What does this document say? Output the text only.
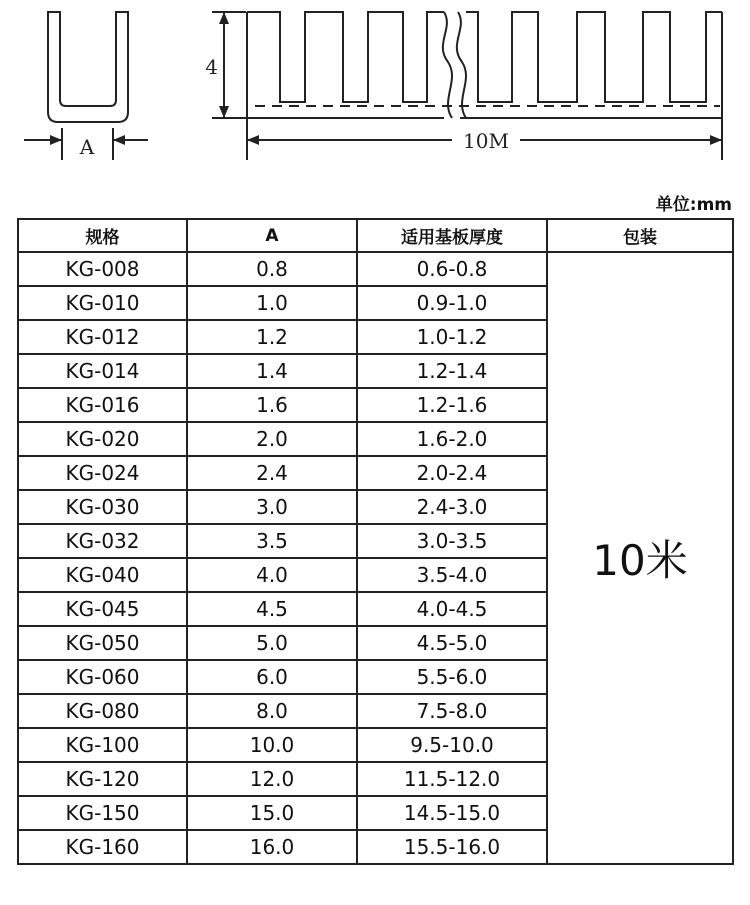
A
4
10M
单位:mm
规格	A	适用基板厚度	包装
KG-008	0.8	0.6-0.8	10米
KG-010	1.0	0.9-1.0	
KG-012	1.2	1.0-1.2	
KG-014	1.4	1.2-1.4	
KG-016	1.6	1.2-1.6	
KG-020	2.0	1.6-2.0	
KG-024	2.4	2.0-2.4	
KG-030	3.0	2.4-3.0	
KG-032	3.5	3.0-3.5	
KG-040	4.0	3.5-4.0	
KG-045	4.5	4.0-4.5	
KG-050	5.0	4.5-5.0	
KG-060	6.0	5.5-6.0	
KG-080	8.0	7.5-8.0	
KG-100	10.0	9.5-10.0	
KG-120	12.0	11.5-12.0	
KG-150	15.0	14.5-15.0	
KG-160	16.0	15.5-16.0	
